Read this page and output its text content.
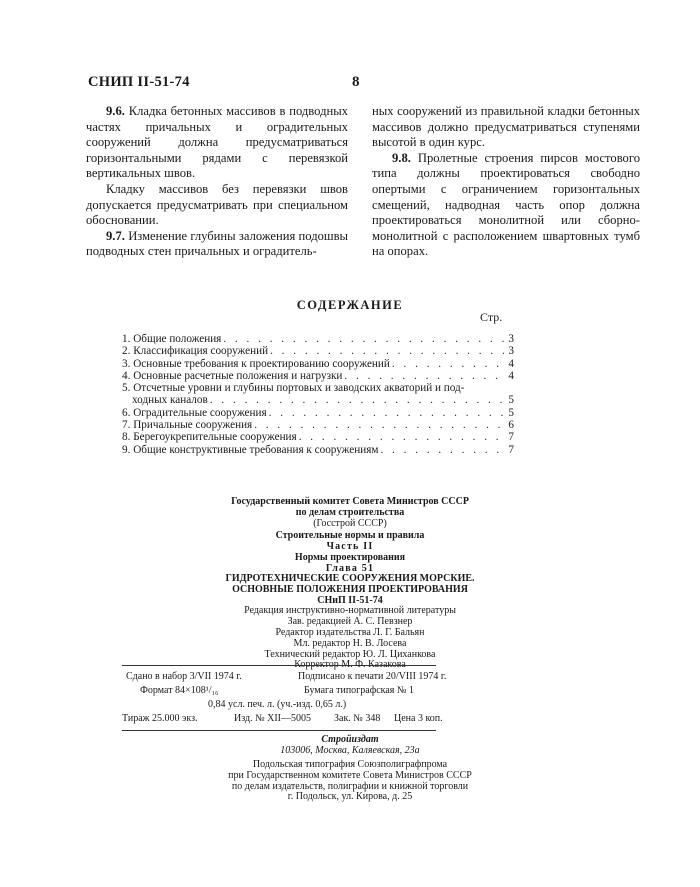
СНИП II-51-74	8

9.6. Кладка бетонных массивов в подводных частях причальных и оградительных сооружений должна предусматриваться горизонтальными рядами с перевязкой вертикальных швов.

Кладку массивов без перевязки швов допускается предусматривать при специальном обосновании.

9.7. Изменение глубины заложения подошвы подводных стен причальных и оградитель-

ных сооружений из правильной кладки бетонных массивов должно предусматриваться ступенями высотой в один курс.

9.8. Пролетные строения пирсов мостового типа должны проектироваться свободно опертыми с ограничением горизонтальных смещений, надводная часть опор должна проектироваться монолитной или сборно-монолитной с расположением швартовных тумб на опорах.

СОДЕРЖАНИЕ
Стр.
1. Общие положения . . .	3
2. Классификация сооружений . . .	3
3. Основные требования к проектированию сооружений . . .	4
4. Основные расчетные положения и нагрузки . . .	4
5. Отсчетные уровни и глубины портовых и заводских акваторий и под-
ходных каналов . . .	5
6. Оградительные сооружения . . .	5
7. Причальные сооружения . . .	6
8. Берегоукрепительные сооружения . . .	7
9. Общие конструктивные требования к сооружениям . . .	7
Государственный комитет Совета Министров СССР
по делам строительства
(Госстрой СССР)
Строительные нормы и правила
Часть II
Нормы проектирования
Глава 51
ГИДРОТЕХНИЧЕСКИЕ СООРУЖЕНИЯ МОРСКИЕ.
ОСНОВНЫЕ ПОЛОЖЕНИЯ ПРОЕКТИРОВАНИЯ
СНиП II-51-74
Редакция инструктивно-нормативной литературы
Зав. редакцией А. С. Певзнер
Редактор издательства Л. Г. Бальян
Мл. редактор Н. В. Лосева
Технический редактор Ю. Л. Циханкова
Корректор М. Ф. Казакова
Сдано в набор 3/VII 1974 г.	Подписано к печати 20/VIII 1974 г.
Формат 84×108¹/₁₆	Бумага типографская № 1
0,84 усл. печ. л. (уч.-изд. 0,65 л.)
Тираж 25.000 экз.	Изд. № XII—5005 Зак. № 348 Цена 3 коп.
Стройиздат
103006, Москва, Каляевская, 23а
Подольская типография Союзполиграфпрома
при Государственном комитете Совета Министров СССР
по делам издательств, полиграфии и книжной торговли
г. Подольск, ул. Кирова, д. 25
